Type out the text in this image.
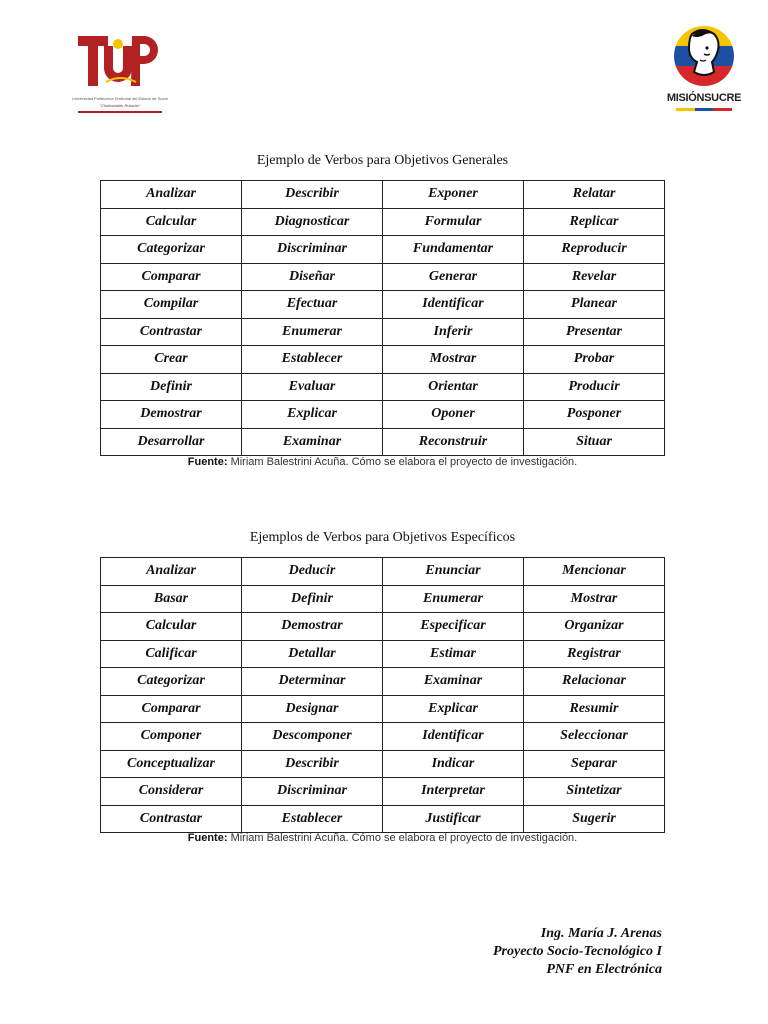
Universidad Politécnica Territorial del Estado de Sucre
"Clodosbaldo Russián"
MISIÓNSUCRE
Ejemplo de Verbos para Objetivos Generales
Analizar	Describir	Exponer	Relatar
Calcular	Diagnosticar	Formular	Replicar
Categorizar	Discriminar	Fundamentar	Reproducir
Comparar	Diseñar	Generar	Revelar
Compilar	Efectuar	Identificar	Planear
Contrastar	Enumerar	Inferir	Presentar
Crear	Establecer	Mostrar	Probar
Definir	Evaluar	Orientar	Producir
Demostrar	Explicar	Oponer	Posponer
Desarrollar	Examinar	Reconstruir	Situar
Fuente: Miriam Balestrini Acuña. Cómo se elabora el proyecto de investigación.
Ejemplos de Verbos para Objetivos Específicos
Analizar	Deducir	Enunciar	Mencionar
Basar	Definir	Enumerar	Mostrar
Calcular	Demostrar	Especificar	Organizar
Calificar	Detallar	Estimar	Registrar
Categorizar	Determinar	Examinar	Relacionar
Comparar	Designar	Explicar	Resumir
Componer	Descomponer	Identificar	Seleccionar
Conceptualizar	Describir	Indicar	Separar
Considerar	Discriminar	Interpretar	Sintetizar
Contrastar	Establecer	Justificar	Sugerir
Fuente: Miriam Balestrini Acuña. Cómo se elabora el proyecto de investigación.
Ing. María J. Arenas
Proyecto Socio-Tecnológico I
PNF en Electrónica
